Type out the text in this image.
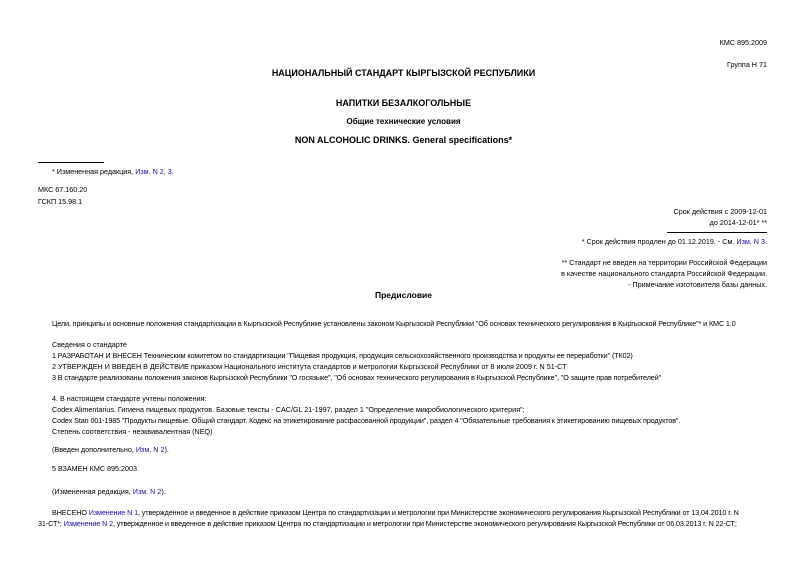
КМС 895:2009
Группа Н 71
НАЦИОНАЛЬНЫЙ СТАНДАРТ КЫРГЫЗСКОЙ РЕСПУБЛИКИ
НАПИТКИ БЕЗАЛКОГОЛЬНЫЕ
Общие технические условия
NON ALCOHOLIC DRINKS. General specifications*
* Измененная редакция, Изм. N 2, 3.
МКС 67.160.20
ГСКП 15.98.1
Срок действия с 2009-12-01
до 2014-12-01* **
* Срок действия продлен до 01.12.2019. - См. Изм. N 3.
** Стандарт не введен на территории Российской Федерации
в качестве национального стандарта Российской Федерации.
- Примечание изготовителя базы данных.
Предисловие
Цели, принципы и основные положения стандартизации в Кыргызской Республике установлены законом Кыргызской Республики "Об основах технического регулирования в Кыргызской Республике"* и КМС 1.0
Сведения о стандарте
1 РАЗРАБОТАН И ВНЕСЕН Техническим комитетом по стандартизации "Пищевая продукция, продукция сельскохозяйственного производства и продукты ее переработки" (ТК02)
2 УТВЕРЖДЕН И ВВЕДЕН В ДЕЙСТВИЕ приказом Национального института стандартов и метрологии Кыргызской Республики от 8 июля 2009 г. N 51-СТ
3 В стандарте реализованы положения законов Кыргызской Республики "О госязыке", "Об основах технического регулирования в Кыргызской Республике", "О защите прав потребителей"
4. В настоящем стандарте учтены положения:
Codex Alimentarius. Гигиена пищевых продуктов. Базовые тексты - CAC/GL 21-1997, раздел 1 "Определение микробиологического критерия";
Codex Stan 001-1985 "Продукты пищевые. Общий стандарт. Кодекс на этикетирование расфасованной продукции", раздел 4 "Обязательные требования к этикетированию пищевых продуктов".
Степень соответствия - неэквивалентная (NEQ)
(Введен дополнительно, Изм. N 2).
5 ВЗАМЕН КМС 895:2003
(Измененная редакция, Изм. N 2).
ВНЕСЕНО Изменение N 1, утвержденное и введенное в действие приказом Центра по стандартизации и метрологии при Министерстве экономического регулирования Кыргызской Республики от 13.04.2010 г. N
31-СТ*; Изменение N 2, утвержденное и введенное в действие приказом Центра по стандартизации и метрологии при Министерстве экономического регулирования Кыргызской Республики от 06.03.2013 г. N 22-СТ;
